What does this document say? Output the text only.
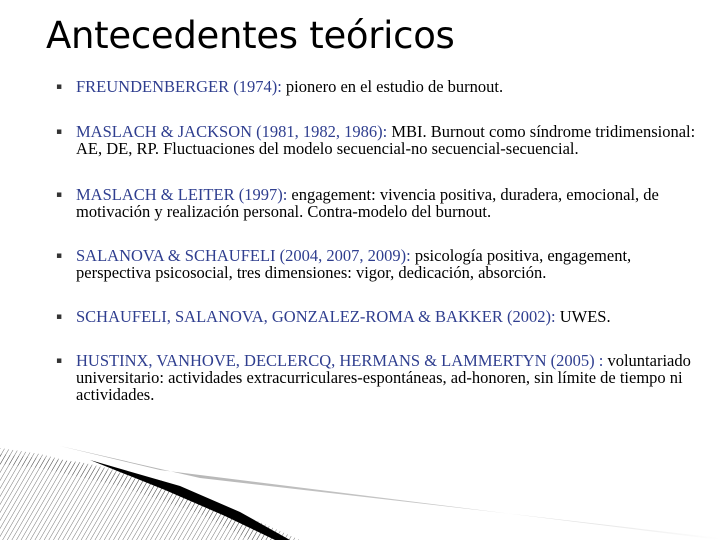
Antecedentes teóricos
▪ FREUNDENBERGER (1974): pionero en el estudio de burnout.
▪ MASLACH & JACKSON (1981, 1982, 1986): MBI. Burnout como síndrome tridimensional: AE, DE, RP. Fluctuaciones del modelo secuencial-no secuencial-secuencial.
▪ MASLACH & LEITER (1997): engagement: vivencia positiva, duradera, emocional, de motivación y realización personal. Contra-modelo del burnout.
▪ SALANOVA & SCHAUFELI (2004, 2007, 2009): psicología positiva, engagement, perspectiva psicosocial, tres dimensiones: vigor, dedicación, absorción.
▪ SCHAUFELI, SALANOVA, GONZALEZ-ROMA & BAKKER (2002): UWES.
▪ HUSTINX, VANHOVE, DECLERCQ, HERMANS & LAMMERTYN (2005) : voluntariado universitario: actividades extracurriculares-espontáneas, ad-honoren, sin límite de tiempo ni actividades.
